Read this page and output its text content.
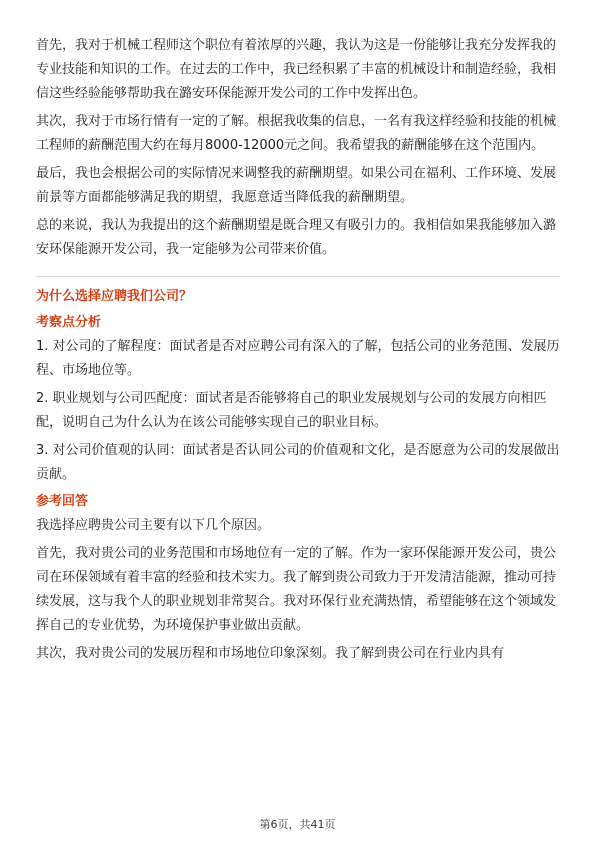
首先，我对于机械工程师这个职位有着浓厚的兴趣，我认为这是一份能够让我充分发挥我的专业技能和知识的工作。在过去的工作中，我已经积累了丰富的机械设计和制造经验，我相信这些经验能够帮助我在潞安环保能源开发公司的工作中发挥出色。

其次，我对于市场行情有一定的了解。根据我收集的信息，一名有我这样经验和技能的机械工程师的薪酬范围大约在每月8000-12000元之间。我希望我的薪酬能够在这个范围内。

最后，我也会根据公司的实际情况来调整我的薪酬期望。如果公司在福利、工作环境、发展前景等方面都能够满足我的期望，我愿意适当降低我的薪酬期望。

总的来说，我认为我提出的这个薪酬期望是既合理又有吸引力的。我相信如果我能够加入潞安环保能源开发公司，我一定能够为公司带来价值。

为什么选择应聘我们公司？
考察点分析

1. 对公司的了解程度：面试者是否对应聘公司有深入的了解，包括公司的业务范围、发展历程、市场地位等。

2. 职业规划与公司匹配度：面试者是否能够将自己的职业发展规划与公司的发展方向相匹配，说明自己为什么认为在该公司能够实现自己的职业目标。

3. 对公司价值观的认同：面试者是否认同公司的价值观和文化，是否愿意为公司的发展做出贡献。

参考回答

我选择应聘贵公司主要有以下几个原因。

首先，我对贵公司的业务范围和市场地位有一定的了解。作为一家环保能源开发公司，贵公司在环保领域有着丰富的经验和技术实力。我了解到贵公司致力于开发清洁能源，推动可持续发展，这与我个人的职业规划非常契合。我对环保行业充满热情，希望能够在这个领域发挥自己的专业优势，为环境保护事业做出贡献。

其次，我对贵公司的发展历程和市场地位印象深刻。我了解到贵公司在行业内具有

第6页，共41页
